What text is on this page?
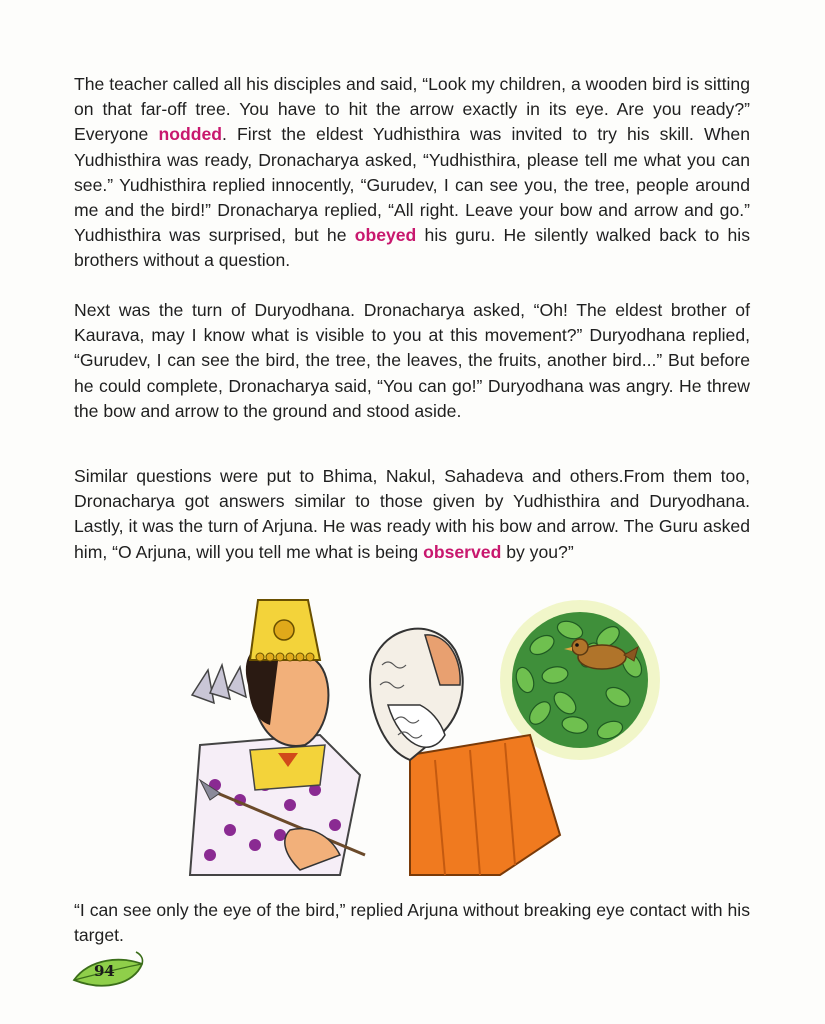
The teacher called all his disciples and said, “Look my children, a wooden bird is sitting on that far-off tree. You have to hit the arrow exactly in its eye. Are you ready?” Everyone nodded. First the eldest Yudhisthira was invited to try his skill. When Yudhisthira was ready, Dronacharya asked, “Yudhisthira, please tell me what you can see.” Yudhisthira replied innocently, “Gurudev, I can see you, the tree, people around me and the bird!” Dronacharya replied, “All right. Leave your bow and arrow and go.” Yudhisthira was surprised, but he obeyed his guru. He silently walked back to his brothers without a question.

Next was the turn of Duryodhana. Dronacharya asked, “Oh! The eldest brother of Kaurava, may I know what is visible to you at this movement?” Duryodhana replied, “Gurudev, I can see the bird, the tree, the leaves, the fruits, another bird...” But before he could complete, Dronacharya said, “You can go!” Duryodhana was angry. He threw the bow and arrow to the ground and stood aside.

Similar questions were put to Bhima, Nakul, Sahadeva and others.From them too, Dronacharya got answers similar to those given by Yudhisthira and Duryodhana. Lastly, it was the turn of Arjuna. He was ready with his bow and arrow. The Guru asked him, “O Arjuna, will you tell me what is being observed by you?”

94

“I can see only the eye of the bird,” replied Arjuna without breaking eye contact with his target.
